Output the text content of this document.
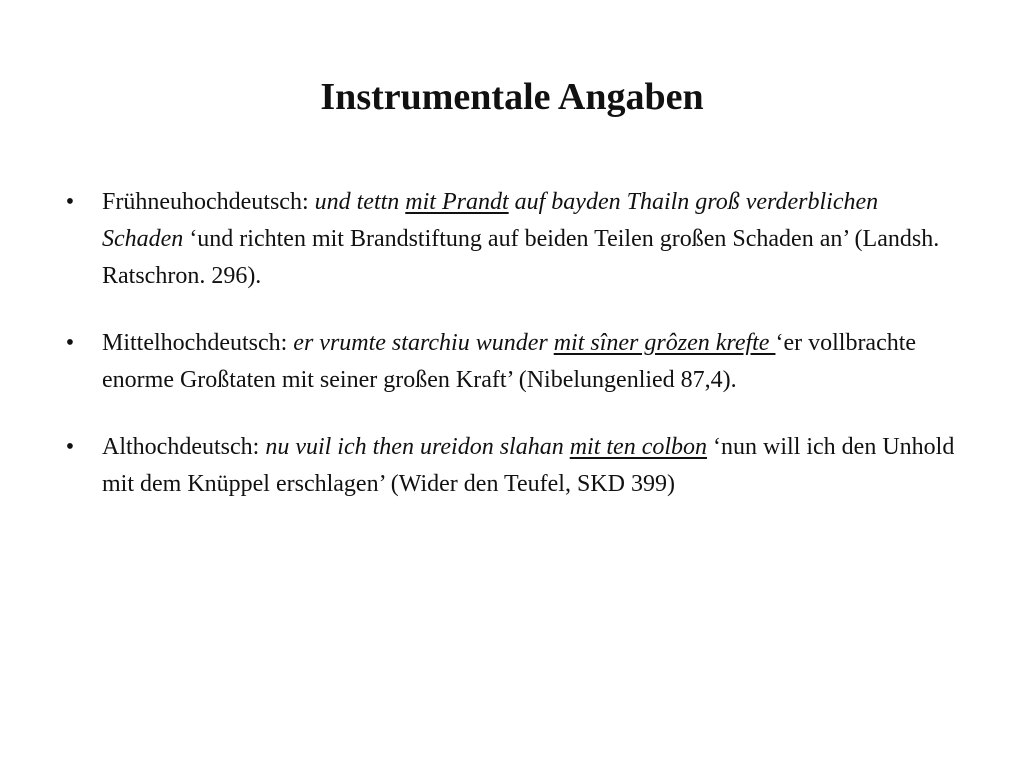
Instrumentale Angaben
• Frühneuhochdeutsch: und tettn mit Prandt auf bayden Thailn groß verderblichen Schaden ‘und richten mit Brandstiftung auf beiden Teilen großen Schaden an’ (Landsh. Ratschron. 296).
• Mittelhochdeutsch: er vrumte starchiu wunder mit sîner grôzen krefte ‘er vollbrachte enorme Großtaten mit seiner großen Kraft’ (Nibelungenlied 87,4).
• Althochdeutsch: nu vuil ich then ureidon slahan mit ten colbon ‘nun will ich den Unhold mit dem Knüppel erschlagen’ (Wider den Teufel, SKD 399)
